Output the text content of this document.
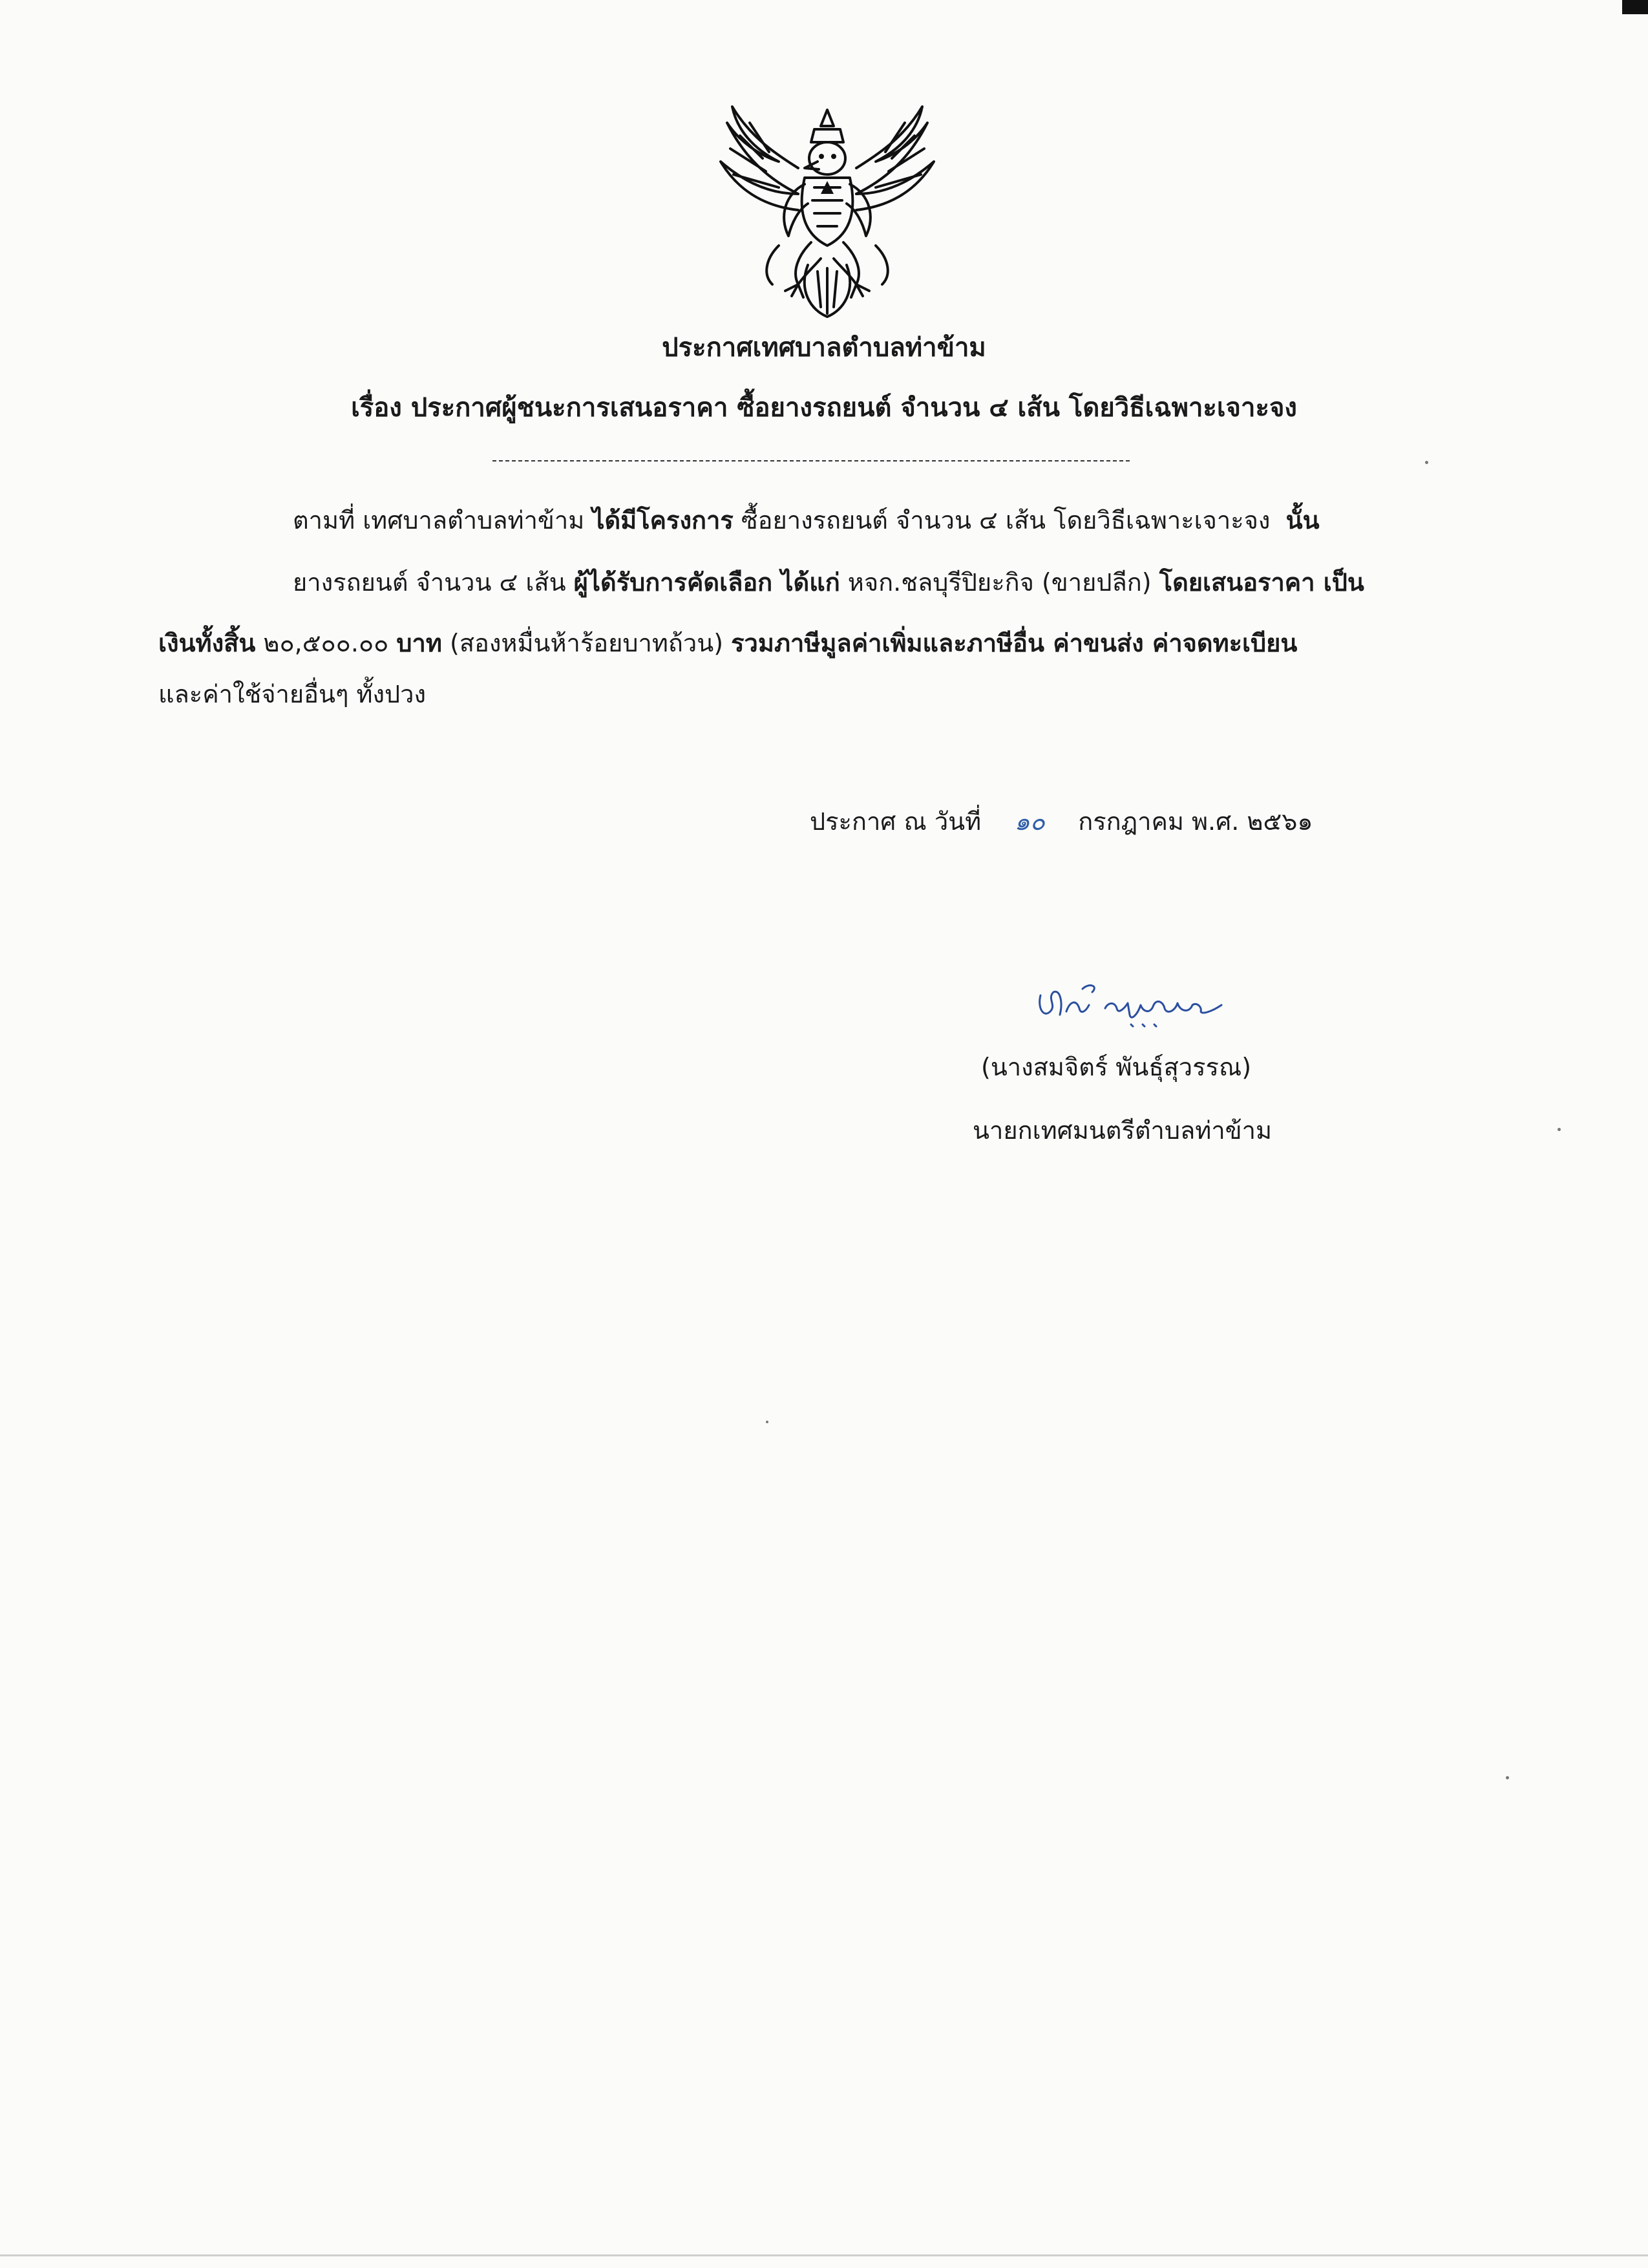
ประกาศเทศบาลตำบลท่าข้าม
เรื่อง ประกาศผู้ชนะการเสนอราคา ซื้อยางรถยนต์ จำนวน ๔ เส้น โดยวิธีเฉพาะเจาะจง
ตามที่ เทศบาลตำบลท่าข้าม ได้มีโครงการ ซื้อยางรถยนต์ จำนวน ๔ เส้น โดยวิธีเฉพาะเจาะจง นั้น
ยางรถยนต์ จำนวน ๔ เส้น ผู้ได้รับการคัดเลือก ได้แก่ หจก.ชลบุรีปิยะกิจ (ขายปลีก) โดยเสนอราคา เป็น
เงินทั้งสิ้น ๒๐,๕๐๐.๐๐ บาท (สองหมื่นห้าร้อยบาทถ้วน) รวมภาษีมูลค่าเพิ่มและภาษีอื่น ค่าขนส่ง ค่าจดทะเบียน
และค่าใช้จ่ายอื่นๆ ทั้งปวง
ประกาศ ณ วันที่ ๑๐ กรกฎาคม พ.ศ. ๒๕๖๑
(นางสมจิตร์ พันธุ์สุวรรณ)
นายกเทศมนตรีตำบลท่าข้าม
